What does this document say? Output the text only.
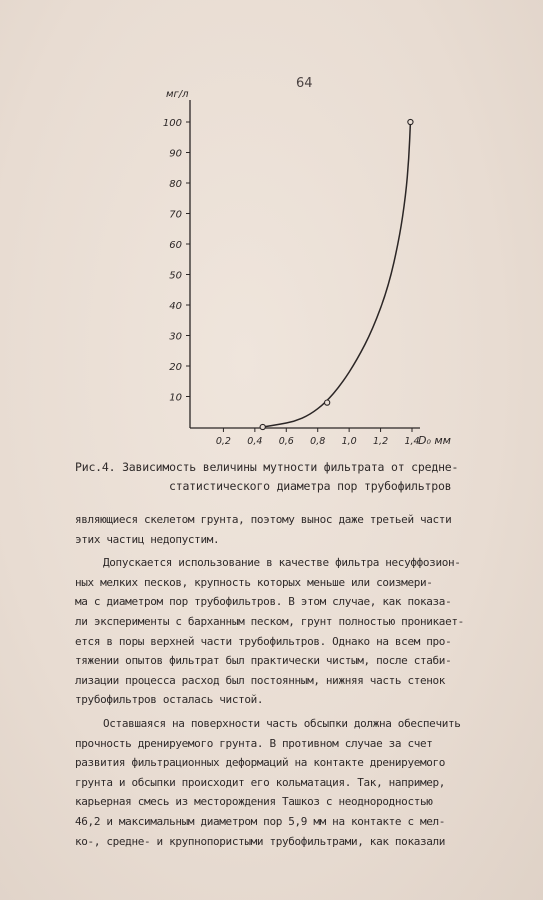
64
10
20
30
40
50
60
70
80
90
100
0,2 0,4 0,6 0,8 1,0 1,2 1,4
мг/л
D₀ мм
Рис.4. Зависимость величины мутности фильтрата от средне-
статистического диаметра пор трубофильтров
являющиеся скелетом грунта, поэтому вынос даже третьей части
этих частиц недопустим.
Допускается использование в качестве фильтра несуффозион-
ных мелких песков, крупность которых меньше или соизмери-
ма с диаметром пор трубофильтров. В этом случае, как показа-
ли эксперименты с барханным песком, грунт полностью проникает-
ется в поры верхней части трубофильтров. Однако на всем про-
тяжении опытов фильтрат был практически чистым, после стаби-
лизации процесса расход был постоянным, нижняя часть стенок
трубофильтров осталась чистой.
Оставшаяся на поверхности часть обсыпки должна обеспечить
прочность дренируемого грунта. В противном случае за счет
развития фильтрационных деформаций на контакте дренируемого
грунта и обсыпки происходит его кольматация. Так, например,
карьерная смесь из месторождения Ташкоз с неоднородностью
46,2 и максимальным диаметром пор 5,9 мм на контакте с мел-
ко-, средне- и крупнопористыми трубофильтрами, как показали
